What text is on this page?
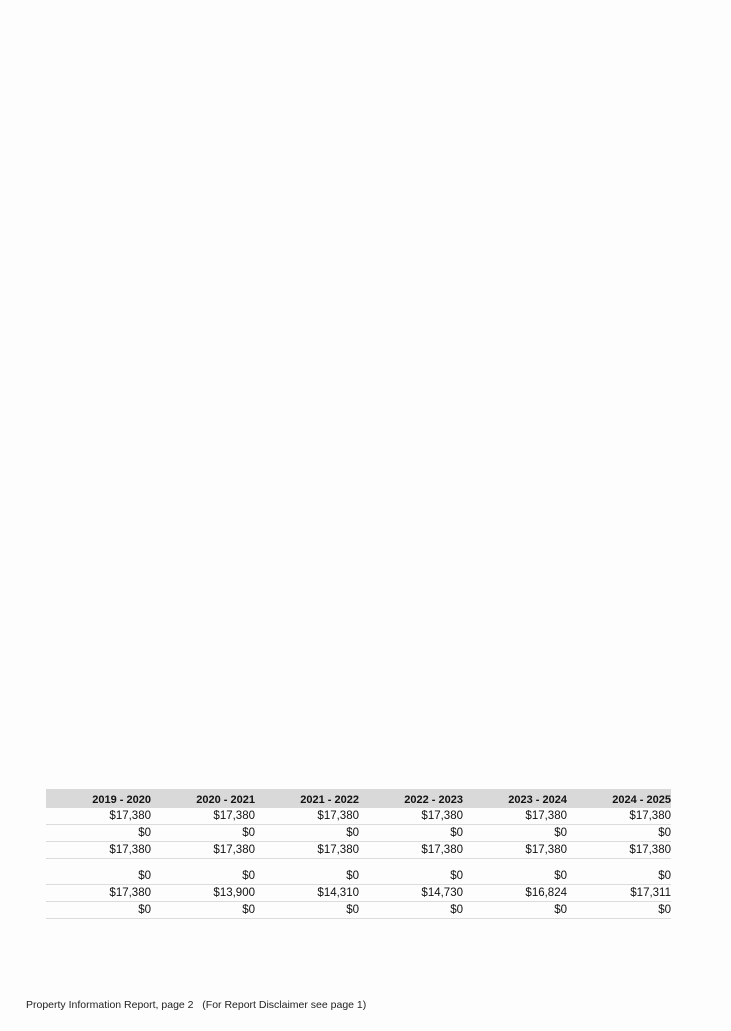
2019 - 2020	2020 - 2021	2021 - 2022	2022 - 2023	2023 - 2024	2024 - 2025
$17,380	$17,380	$17,380	$17,380	$17,380	$17,380
$0	$0	$0	$0	$0	$0
$17,380	$17,380	$17,380	$17,380	$17,380	$17,380
$0	$0	$0	$0	$0	$0
$17,380	$13,900	$14,310	$14,730	$16,824	$17,311
$0	$0	$0	$0	$0	$0
Property Information Report, page 2 (For Report Disclaimer see page 1)
